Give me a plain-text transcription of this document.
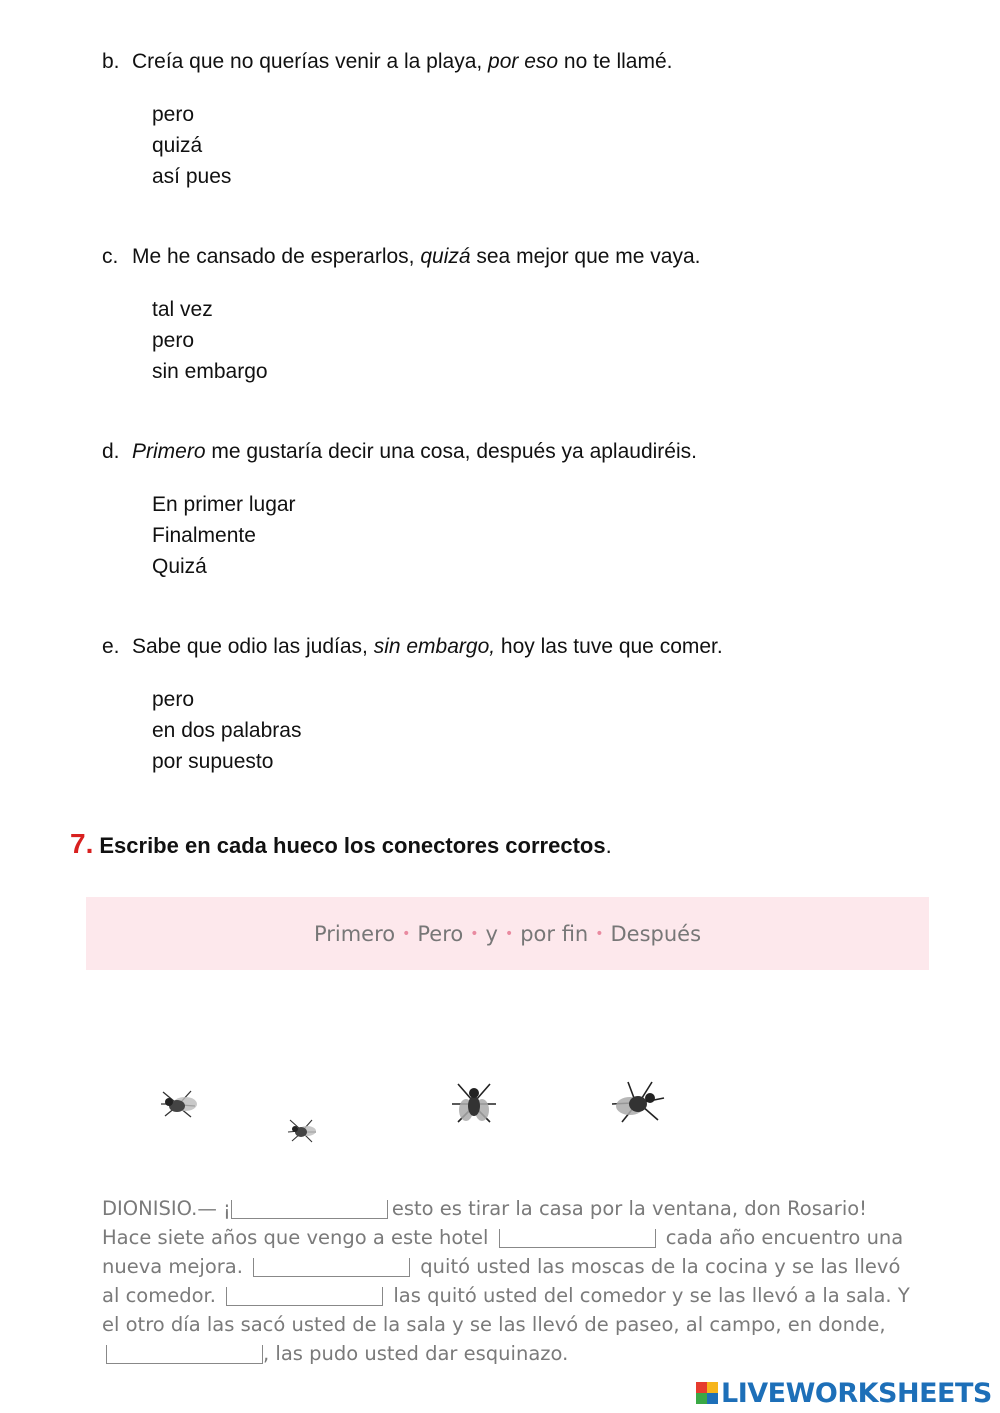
b. Creía que no querías venir a la playa, por eso no te llamé.
pero
quizá
así pues
c. Me he cansado de esperarlos, quizá sea mejor que me vaya.
tal vez
pero
sin embargo
d. Primero me gustaría decir una cosa, después ya aplaudiréis.
En primer lugar
Finalmente
Quizá
e. Sabe que odio las judías, sin embargo, hoy las tuve que comer.
pero
en dos palabras
por supuesto
7. Escribe en cada hueco los conectores correctos.
Primero • Pero • y • por fin • Después
DIONISIO.— ¡	esto es tirar la casa por la ventana, don Rosario! Hace siete años que vengo a este hotel	cada año encuentro una nueva mejora.	quitó usted las moscas de la cocina y se las llevó al comedor.	las quitó usted del comedor y se las llevó a la sala. Y el otro día las sacó usted de la sala y se las llevó de paseo, al campo, en donde, , las pudo usted dar esquinazo.
LIVEWORKSHEETS
